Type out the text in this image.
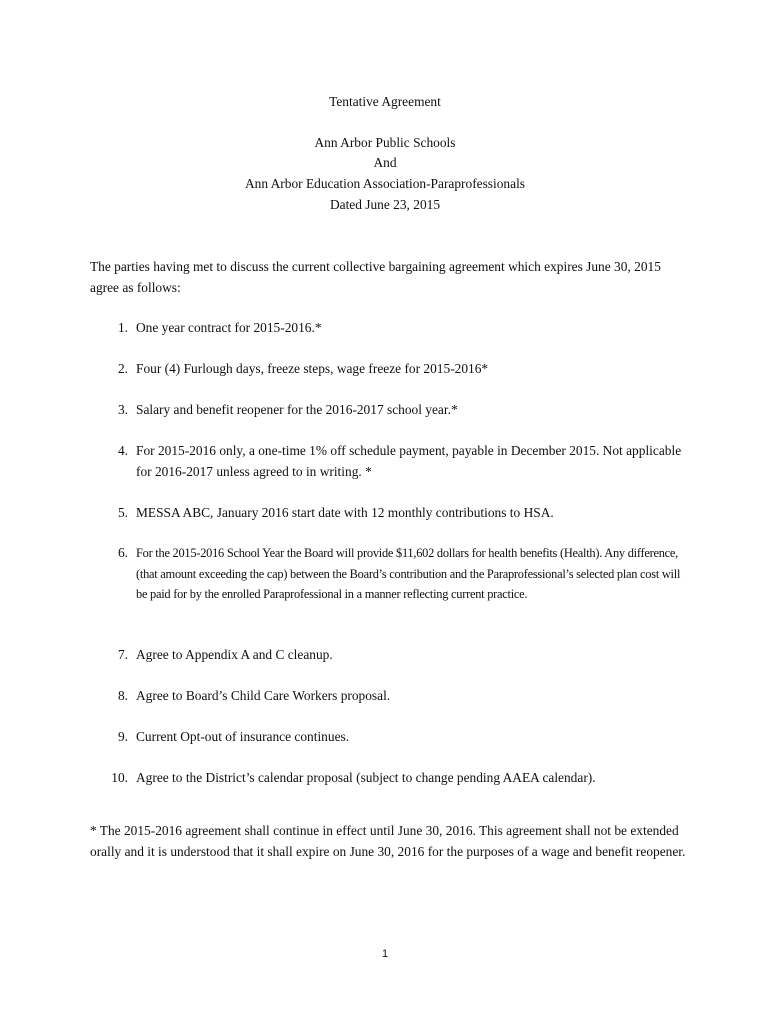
Tentative Agreement
Ann Arbor Public Schools
And
Ann Arbor Education Association-Paraprofessionals
Dated June 23, 2015
The parties having met to discuss the current collective bargaining agreement which expires June 30, 2015 agree as follows:
1. One year contract for 2015-2016.*
2. Four (4) Furlough days, freeze steps, wage freeze for 2015-2016*
3. Salary and benefit reopener for the 2016-2017 school year.*
4. For 2015-2016 only, a one-time 1% off schedule payment, payable in December 2015. Not applicable for 2016-2017 unless agreed to in writing. *
5. MESSA ABC, January 2016 start date with 12 monthly contributions to HSA.
6. For the 2015-2016 School Year the Board will provide $11,602 dollars for health benefits (Health). Any difference, (that amount exceeding the cap) between the Board’s contribution and the Paraprofessional’s selected plan cost will be paid for by the enrolled Paraprofessional in a manner reflecting current practice.
7. Agree to Appendix A and C cleanup.
8. Agree to Board’s Child Care Workers proposal.
9. Current Opt-out of insurance continues.
10. Agree to the District’s calendar proposal (subject to change pending AAEA calendar).
* The 2015-2016 agreement shall continue in effect until June 30, 2016. This agreement shall not be extended orally and it is understood that it shall expire on June 30, 2016 for the purposes of a wage and benefit reopener.
1
